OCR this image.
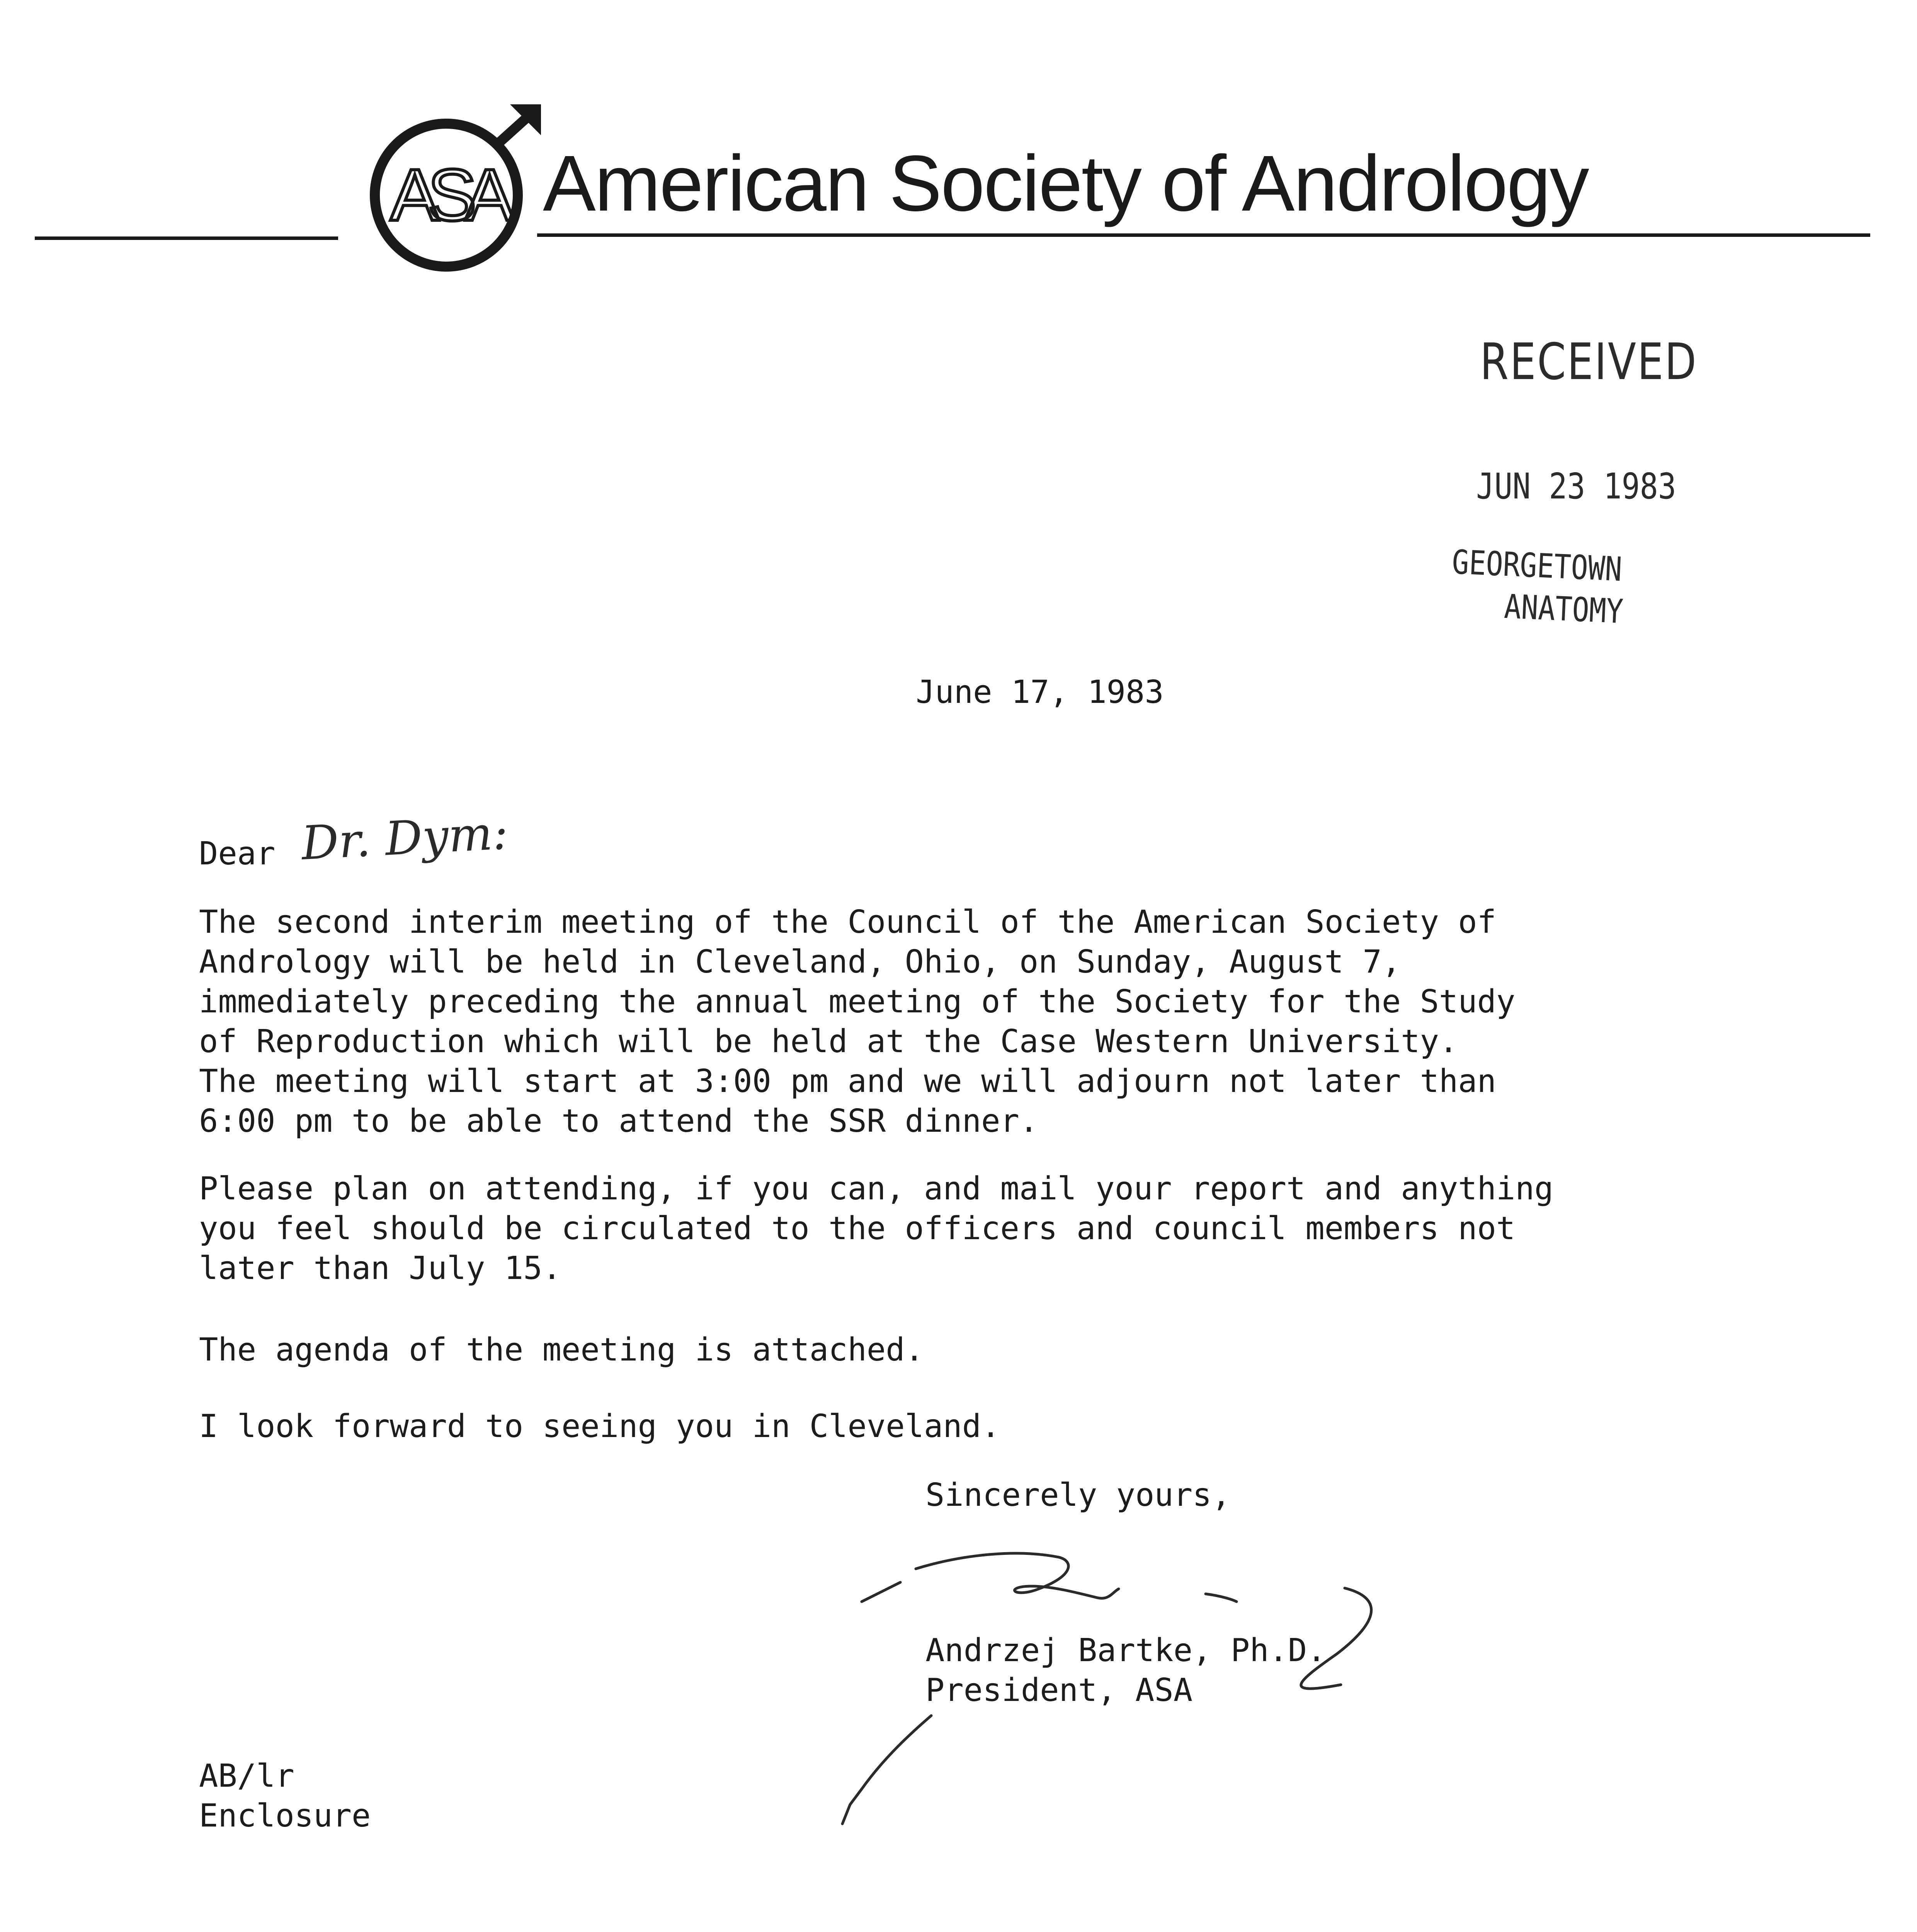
ASA American Society of Andrology
RECEIVED
JUN 23 1983
GEORGETOWN
ANATOMY
June 17, 1983
Dear Dr. Dym:
The second interim meeting of the Council of the American Society of
Andrology will be held in Cleveland, Ohio, on Sunday, August 7,
immediately preceding the annual meeting of the Society for the Study
of Reproduction which will be held at the Case Western University.
The meeting will start at 3:00 pm and we will adjourn not later than
6:00 pm to be able to attend the SSR dinner.
Please plan on attending, if you can, and mail your report and anything
you feel should be circulated to the officers and council members not
later than July 15.
The agenda of the meeting is attached.
I look forward to seeing you in Cleveland.
Sincerely yours,
Andrzej Bartke, Ph.D.
President, ASA
AB/lr
Enclosure
